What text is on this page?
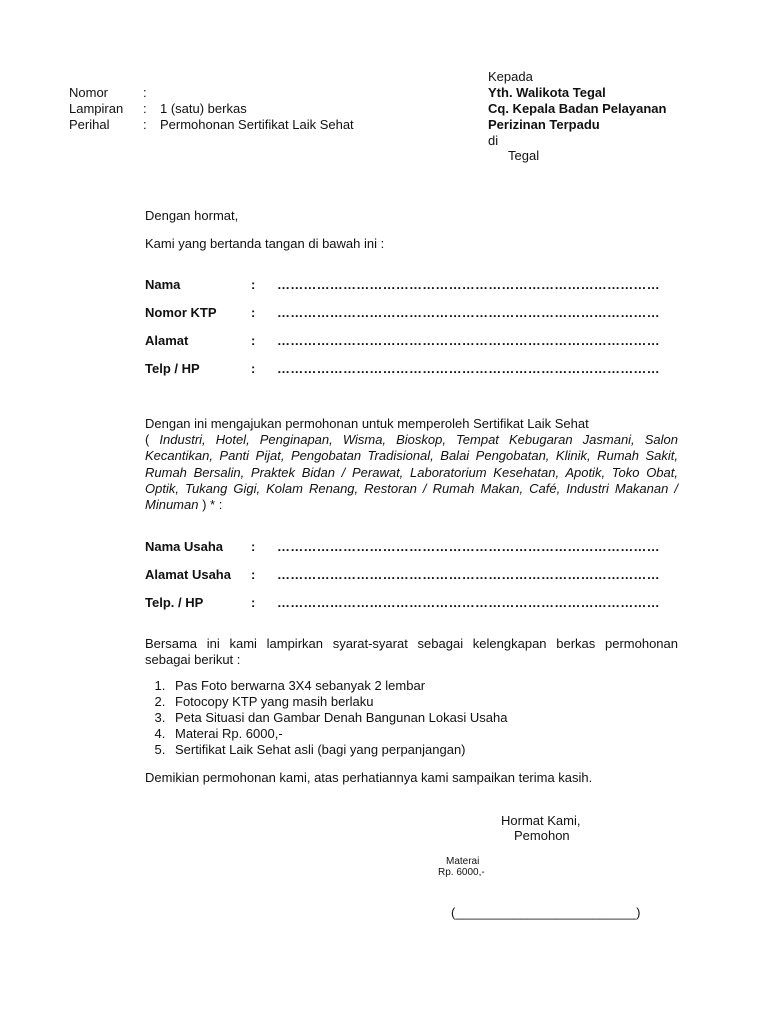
Nomor	:
Lampiran : 1 (satu) berkas
Perihal	: Permohonan Sertifikat Laik Sehat
Kepada
Yth. Walikota Tegal
Cq. Kepala Badan Pelayanan
Perizinan Terpadu
di
Tegal
Dengan hormat,
Kami yang bertanda tangan di bawah ini :
Nama	: ……………………………………………………………………………
Nomor KTP	: ……………………………………………………………………………
Alamat	: ……………………………………………………………………………
Telp / HP	: ……………………………………………………………………………
Dengan ini mengajukan permohonan untuk memperoleh Sertifikat Laik Sehat
( Industri, Hotel, Penginapan, Wisma, Bioskop, Tempat Kebugaran Jasmani, Salon Kecantikan, Panti Pijat, Pengobatan Tradisional, Balai Pengobatan, Klinik, Rumah Sakit, Rumah Bersalin, Praktek Bidan / Perawat, Laboratorium Kesehatan, Apotik, Toko Obat, Optik, Tukang Gigi, Kolam Renang, Restoran / Rumah Makan, Café, Industri Makanan / Minuman ) * :
Nama Usaha : ……………………………………………………………………………
Alamat Usaha : ……………………………………………………………………………
Telp. / HP	: ……………………………………………………………………………
Bersama ini kami lampirkan syarat-syarat sebagai kelengkapan berkas permohonan sebagai berikut :
1. Pas Foto berwarna 3X4 sebanyak 2 lembar
2. Fotocopy KTP yang masih berlaku
3. Peta Situasi dan Gambar Denah Bangunan Lokasi Usaha
4. Materai Rp. 6000,-
5. Sertifikat Laik Sehat asli (bagi yang perpanjangan)
Demikian permohonan kami, atas perhatiannya kami sampaikan terima kasih.
Hormat Kami,
Pemohon
Materai
Rp. 6000,-
(_________________________)
